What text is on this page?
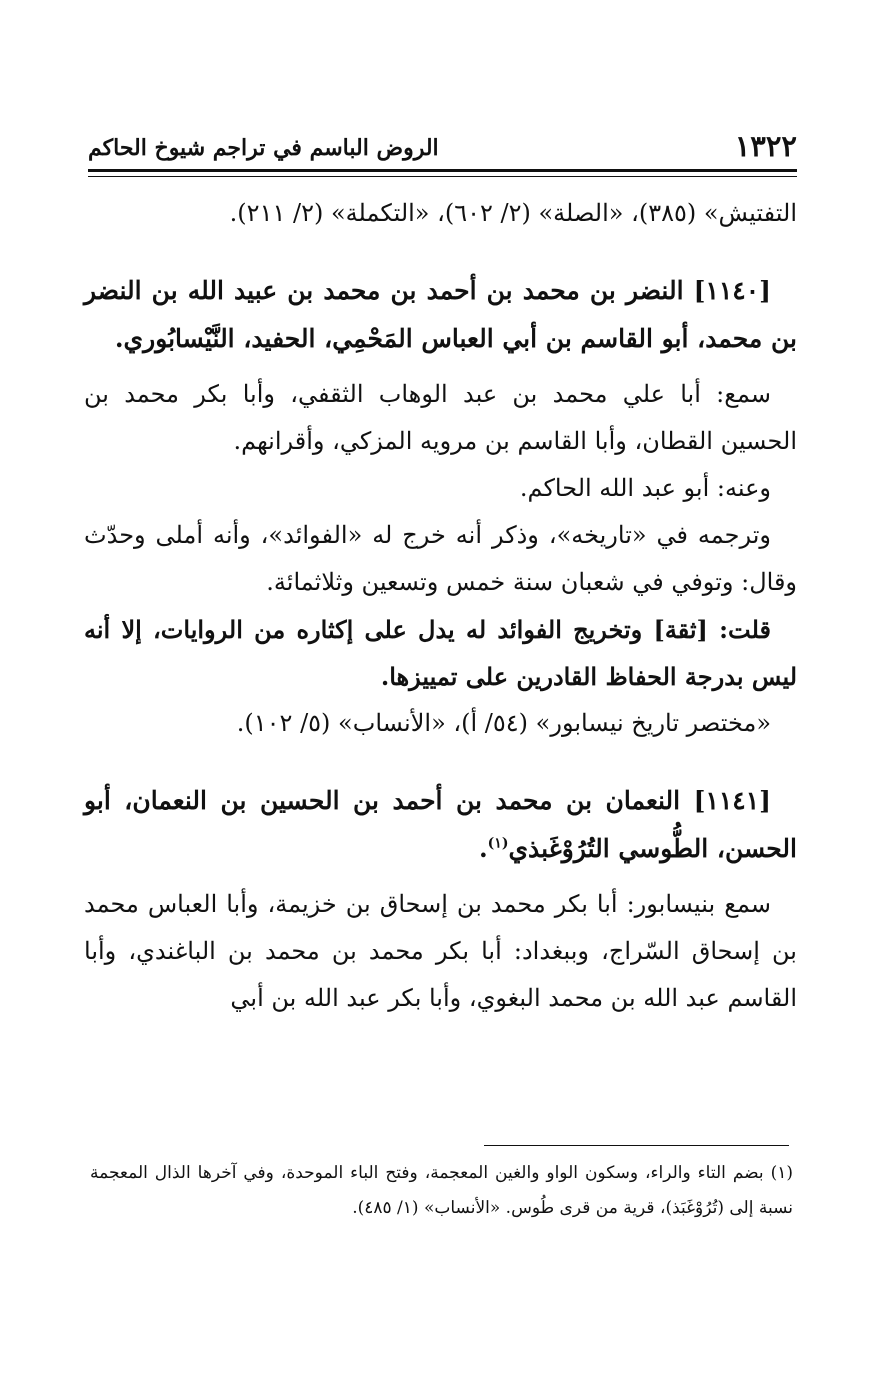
١٣٢٢
الروض الباسم في تراجم شيوخ الحاكم

التفتيش» (٣٨٥)، «الصلة» (٢/ ٦٠٢)، «التكملة» (٢/ ٢١١).

[١١٤٠] النضر بن محمد بن أحمد بن محمد بن عبيد الله بن النضر بن محمد، أبو القاسم بن أبي العباس المَحْمِي، الحفيد، النَّيْسابُوري.

سمع: أبا علي محمد بن عبد الوهاب الثقفي، وأبا بكر محمد بن الحسين القطان، وأبا القاسم بن مرويه المزكي، وأقرانهم.

وعنه: أبو عبد الله الحاكم.

وترجمه في «تاريخه»، وذكر أنه خرج له «الفوائد»، وأنه أملى وحدّث وقال: وتوفي في شعبان سنة خمس وتسعين وثلاثمائة.

قلت: [ثقة] وتخريج الفوائد له يدل على إكثاره من الروايات، إلا أنه ليس بدرجة الحفاظ القادرين على تمييزها.

«مختصر تاريخ نيسابور» (٥٤/ أ)، «الأنساب» (٥/ ١٠٢).

[١١٤١] النعمان بن محمد بن أحمد بن الحسين بن النعمان، أبو الحسن، الطُّوسي التُرُوْغَبذي$^{(١)}$.

سمع بنيسابور: أبا بكر محمد بن إسحاق بن خزيمة، وأبا العباس محمد بن إسحاق السّراج، وببغداد: أبا بكر محمد بن محمد بن الباغندي، وأبا القاسم عبد الله بن محمد البغوي، وأبا بكر عبد الله بن أبي

(١) بضم التاء والراء، وسكون الواو والغين المعجمة، وفتح الباء الموحدة، وفي آخرها الذال المعجمة نسبة إلى (تُرُوْغَبَذ)، قرية من قرى طُوس. «الأنساب» (١/ ٤٨٥).
